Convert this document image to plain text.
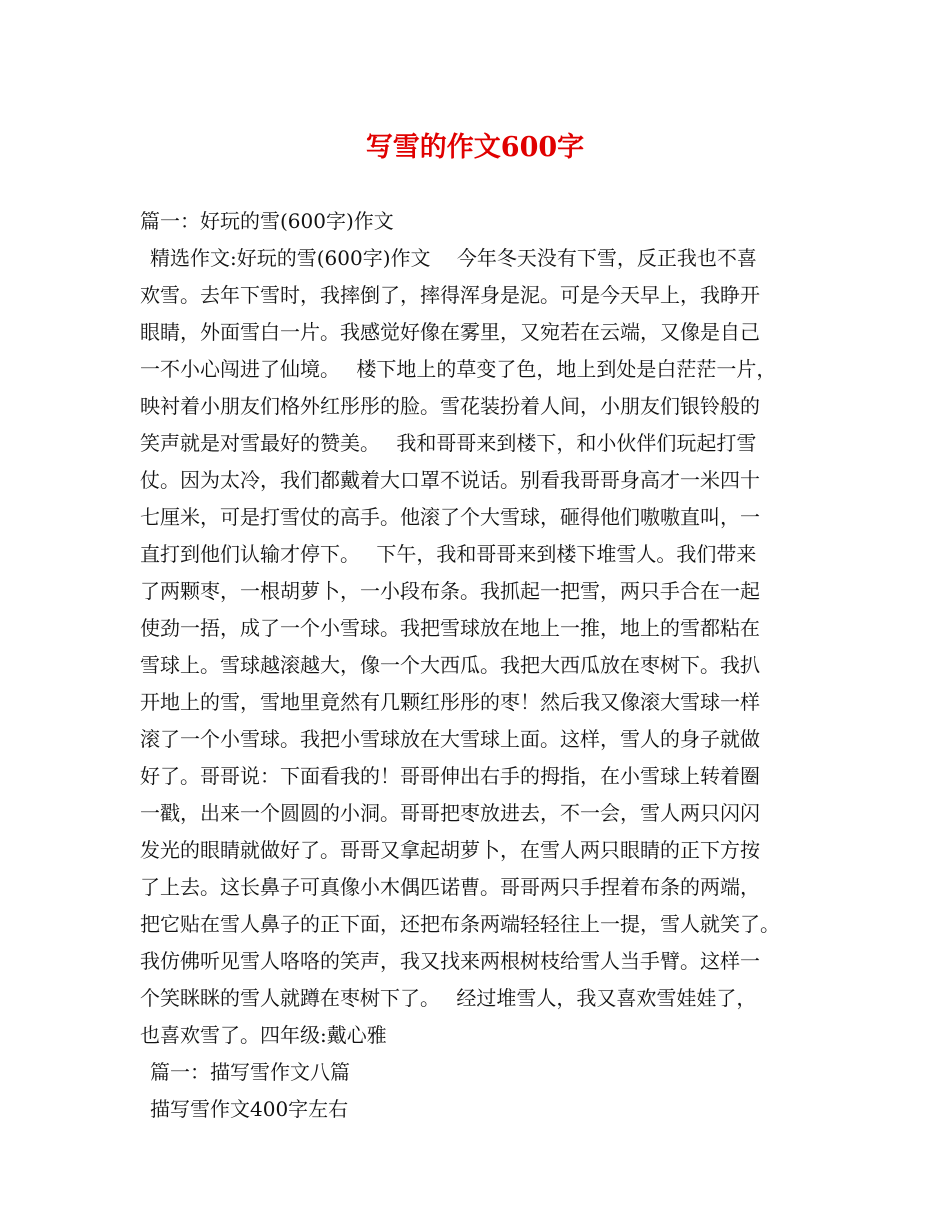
写雪的作文600字
篇一：好玩的雪(600字)作文
精选作文:好玩的雪(600字)作文　 今年冬天没有下雪，反正我也不喜
欢雪。去年下雪时，我摔倒了，摔得浑身是泥。可是今天早上，我睁开
眼睛，外面雪白一片。我感觉好像在雾里，又宛若在云端，又像是自己
一不小心闯进了仙境。　 楼下地上的草变了色，地上到处是白茫茫一片，
映衬着小朋友们格外红彤彤的脸。雪花装扮着人间，小朋友们银铃般的
笑声就是对雪最好的赞美。　 我和哥哥来到楼下，和小伙伴们玩起打雪
仗。因为太冷，我们都戴着大口罩不说话。别看我哥哥身高才一米四十
七厘米，可是打雪仗的高手。他滚了个大雪球，砸得他们嗷嗷直叫，一
直打到他们认输才停下。　 下午，我和哥哥来到楼下堆雪人。我们带来
了两颗枣，一根胡萝卜，一小段布条。我抓起一把雪，两只手合在一起
使劲一捂，成了一个小雪球。我把雪球放在地上一推，地上的雪都粘在
雪球上。雪球越滚越大，像一个大西瓜。我把大西瓜放在枣树下。我扒
开地上的雪，雪地里竟然有几颗红彤彤的枣！然后我又像滚大雪球一样
滚了一个小雪球。我把小雪球放在大雪球上面。这样，雪人的身子就做
好了。哥哥说：下面看我的！哥哥伸出右手的拇指，在小雪球上转着圈
一戳，出来一个圆圆的小洞。哥哥把枣放进去，不一会，雪人两只闪闪
发光的眼睛就做好了。哥哥又拿起胡萝卜，在雪人两只眼睛的正下方按
了上去。这长鼻子可真像小木偶匹诺曹。哥哥两只手捏着布条的两端，
把它贴在雪人鼻子的正下面，还把布条两端轻轻往上一提，雪人就笑了。
我仿佛听见雪人咯咯的笑声，我又找来两根树枝给雪人当手臂。这样一
个笑眯眯的雪人就蹲在枣树下了。　 经过堆雪人，我又喜欢雪娃娃了，
也喜欢雪了。四年级:戴心雅
篇一：描写雪作文八篇
描写雪作文400字左右
